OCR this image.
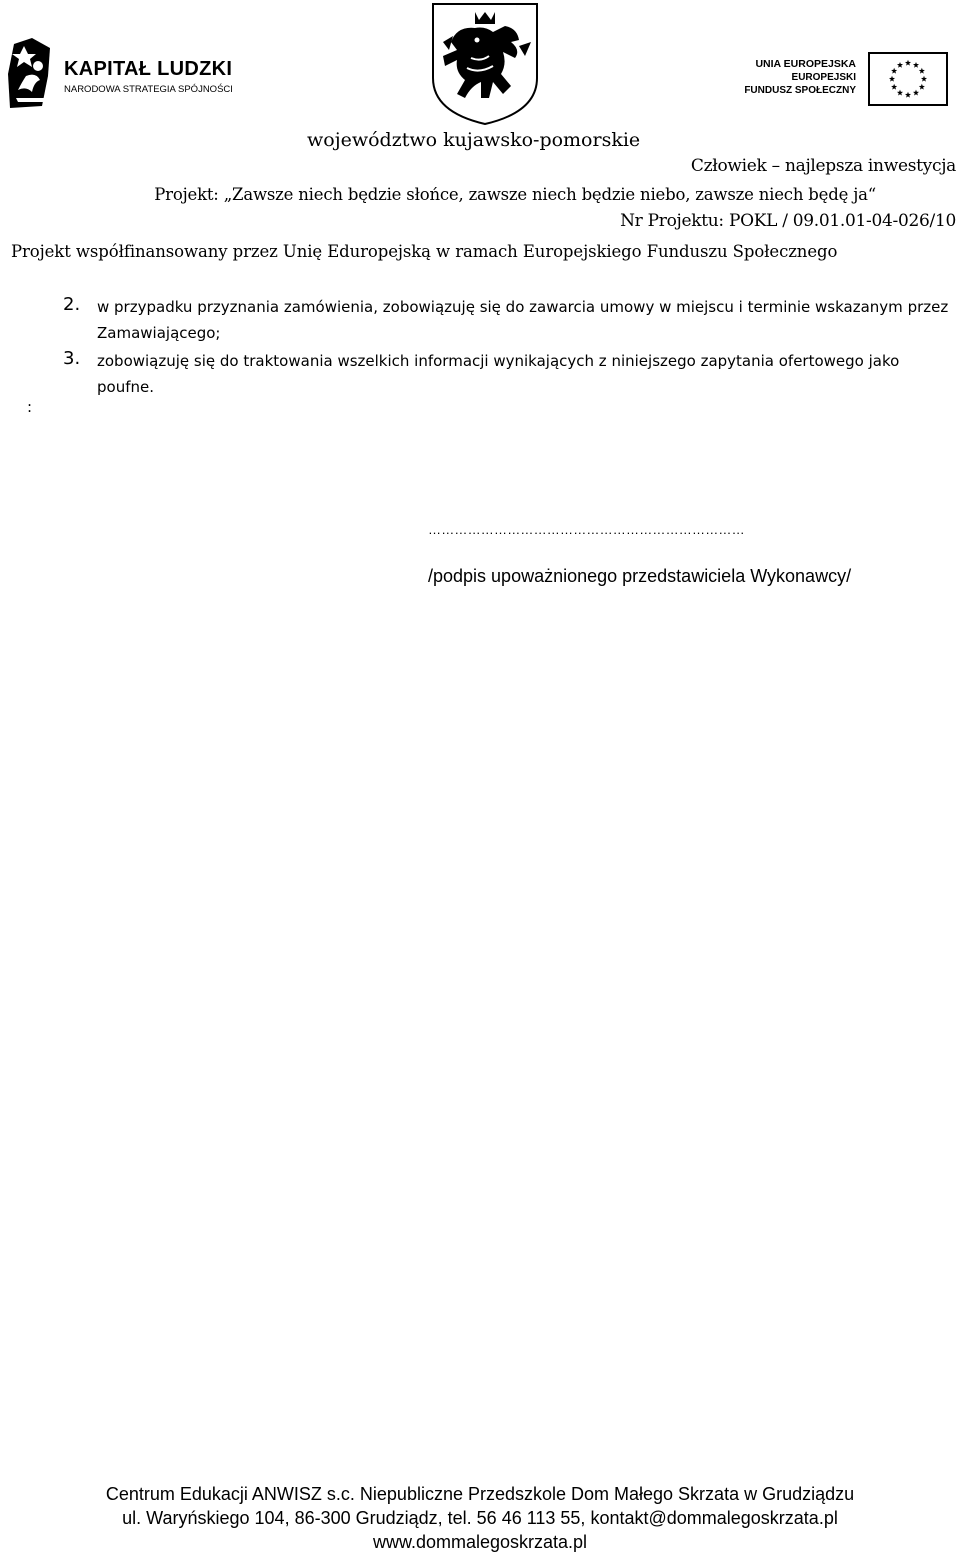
KAPITAŁ LUDZKI
NARODOWA STRATEGIA SPÓJNOŚCI
UNIA EUROPEJSKA
EUROPEJSKI
FUNDUSZ SPOŁECZNY
województwo kujawsko-pomorskie
Człowiek – najlepsza inwestycja
Projekt: „Zawsze niech będzie słońce, zawsze niech będzie niebo, zawsze niech będę ja“
Nr Projektu: POKL / 09.01.01-04-026/10
Projekt współfinansowany przez Unię Eduropejską w ramach Europejskiego Funduszu Społecznego
2. w przypadku przyznania zamówienia, zobowiązuję się do zawarcia umowy w miejscu i terminie wskazanym przez Zamawiającego;
3. zobowiązuję się do traktowania wszelkich informacji wynikających z niniejszego zapytania ofertowego jako poufne.
:
………………………………………………………………
/podpis upoważnionego przedstawiciela Wykonawcy/
Centrum Edukacji ANWISZ s.c. Niepubliczne Przedszkole Dom Małego Skrzata w Grudziądzu
ul. Waryńskiego 104, 86-300 Grudziądz, tel. 56 46 113 55, kontakt@dommalegoskrzata.pl
www.dommalegoskrzata.pl
